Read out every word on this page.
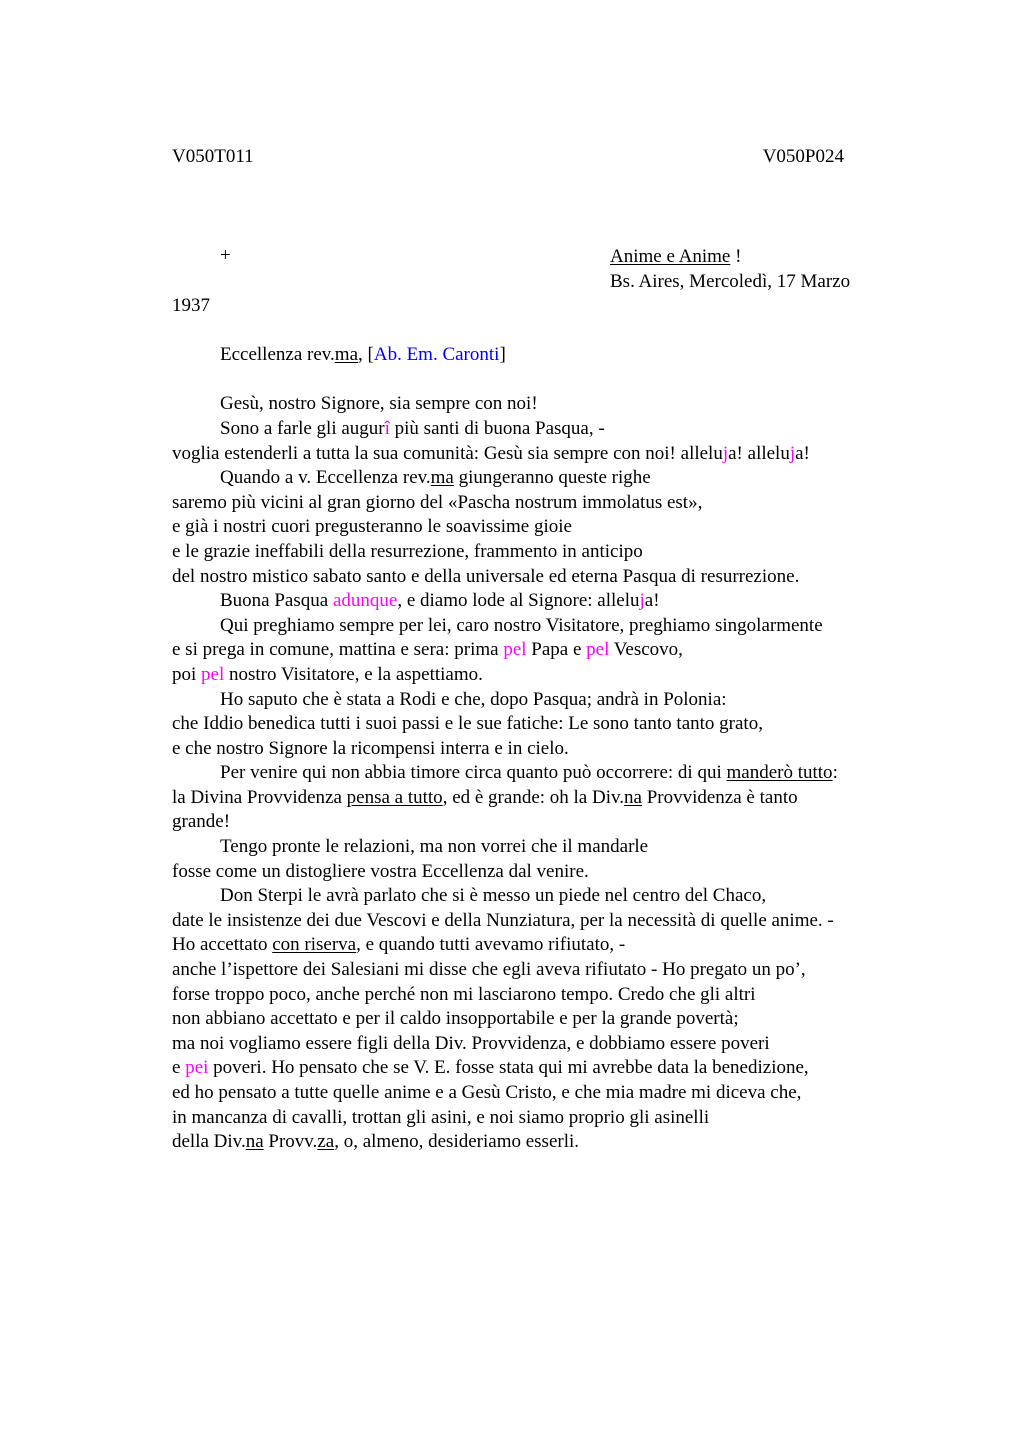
V050T011	V050P024
+	Anime e Anime !
Bs. Aires, Mercoledì, 17 Marzo
1937
Eccellenza rev.ma, [Ab. Em. Caronti]
Gesù, nostro Signore, sia sempre con noi!
Sono a farle gli augurî più santi di buona Pasqua, -
voglia estenderli a tutta la sua comunità: Gesù sia sempre con noi! alleluja! alleluja!
Quando a v. Eccellenza rev.ma giungeranno queste righe
saremo più vicini al gran giorno del «Pascha nostrum immolatus est»,
e già i nostri cuori pregusteranno le soavissime gioie
e le grazie ineffabili della resurrezione, frammento in anticipo
del nostro mistico sabato santo e della universale ed eterna Pasqua di resurrezione.
Buona Pasqua adunque, e diamo lode al Signore: alleluja!
Qui preghiamo sempre per lei, caro nostro Visitatore, preghiamo singolarmente
e si prega in comune, mattina e sera: prima pel Papa e pel Vescovo,
poi pel nostro Visitatore, e la aspettiamo.
Ho saputo che è stata a Rodi e che, dopo Pasqua; andrà in Polonia:
che Iddio benedica tutti i suoi passi e le sue fatiche: Le sono tanto tanto grato,
e che nostro Signore la ricompensi interra e in cielo.
Per venire qui non abbia timore circa quanto può occorrere: di qui manderò tutto:
la Divina Provvidenza pensa a tutto, ed è grande: oh la Div.na Provvidenza è tanto
grande!
Tengo pronte le relazioni, ma non vorrei che il mandarle
fosse come un distogliere vostra Eccellenza dal venire.
Don Sterpi le avrà parlato che si è messo un piede nel centro del Chaco,
date le insistenze dei due Vescovi e della Nunziatura, per la necessità di quelle anime. -
Ho accettato con riserva, e quando tutti avevamo rifiutato, -
anche l’ispettore dei Salesiani mi disse che egli aveva rifiutato - Ho pregato un po’,
forse troppo poco, anche perché non mi lasciarono tempo. Credo che gli altri
non abbiano accettato e per il caldo insopportabile e per la grande povertà;
ma noi vogliamo essere figli della Div. Provvidenza, e dobbiamo essere poveri
e pei poveri. Ho pensato che se V. E. fosse stata qui mi avrebbe data la benedizione,
ed ho pensato a tutte quelle anime e a Gesù Cristo, e che mia madre mi diceva che,
in mancanza di cavalli, trottan gli asini, e noi siamo proprio gli asinelli
della Div.na Provv.za, o, almeno, desideriamo esserli.
